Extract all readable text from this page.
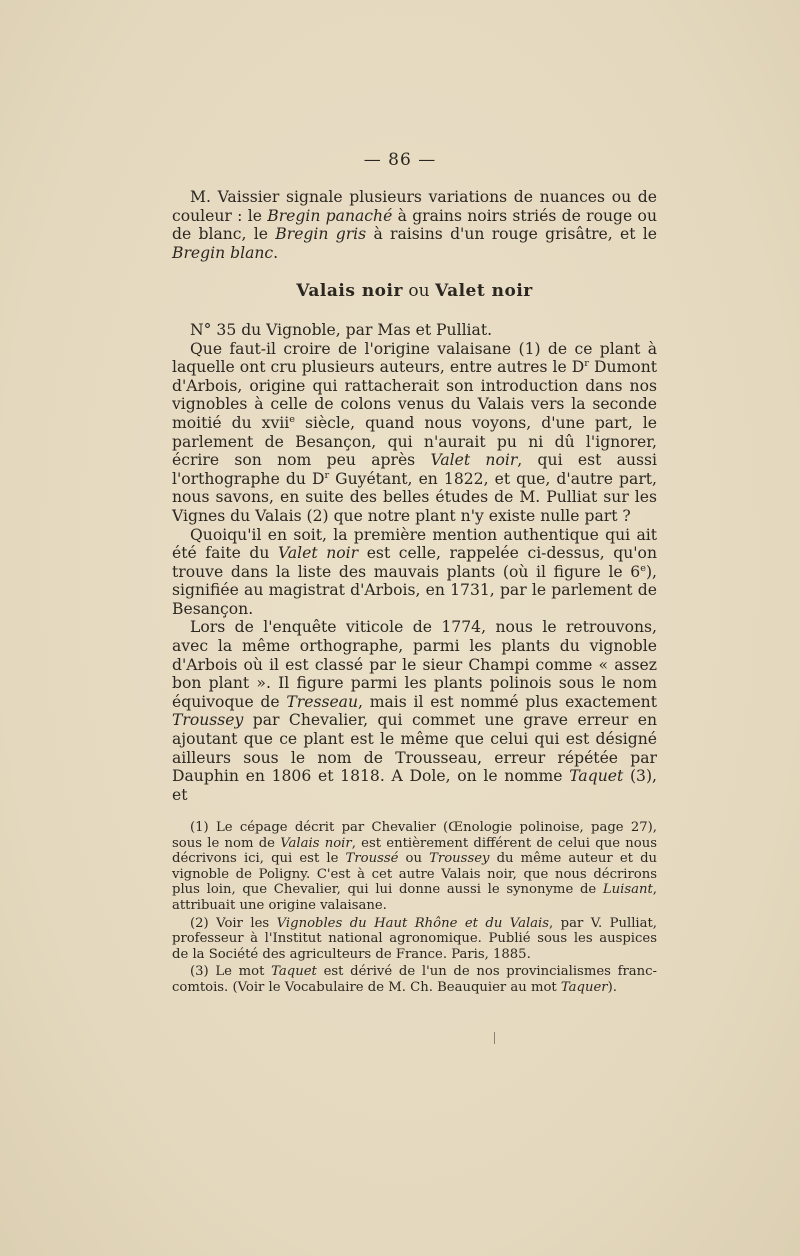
— 86 —

M. Vaissier signale plusieurs variations de nuances ou de couleur : le Bregin panaché à grains noirs striés de rouge ou de blanc, le Bregin gris à raisins d'un rouge grisâtre, et le Bregin blanc.

Valais noir ou Valet noir

N° 35 du Vignoble, par Mas et Pulliat.

Que faut-il croire de l'origine valaisane (1) de ce plant à laquelle ont cru plusieurs auteurs, entre autres le $D^r$ Dumont d'Arbois, origine qui rattacherait son introduction dans nos vignobles à celle de colons venus du Valais vers la seconde moitié du xvii$^e$ siècle, quand nous voyons, d'une part, le parlement de Besançon, qui n'aurait pu ni dû l'ignorer, écrire son nom peu après Valet noir, qui est aussi l'orthographe du $D^r$ Guyétant, en 1822, et que, d'autre part, nous savons, en suite des belles études de M. Pulliat sur les Vignes du Valais (2) que notre plant n'y existe nulle part ?

Quoiqu'il en soit, la première mention authentique qui ait été faite du Valet noir est celle, rappelée ci-dessus, qu'on trouve dans la liste des mauvais plants (où il figure le 6e), signifiée au magistrat d'Arbois, en 1731, par le parlement de Besançon.

Lors de l'enquête viticole de 1774, nous le retrouvons, avec la même orthographe, parmi les plants du vignoble d'Arbois où il est classé par le sieur Champi comme « assez bon plant ». Il figure parmi les plants polinois sous le nom équivoque de Tresseau, mais il est nommé plus exactement Troussey par Chevalier, qui commet une grave erreur en ajoutant que ce plant est le même que celui qui est désigné ailleurs sous le nom de Trousseau, erreur répétée par Dauphin en 1806 et 1818. A Dole, on le nomme Taquet (3), et

(1) Le cépage décrit par Chevalier (Œnologie polinoise, page 27), sous le nom de Valais noir, est entièrement différent de celui que nous décrivons ici, qui est le Troussé ou Troussey du même auteur et du vignoble de Poligny. C'est à cet autre Valais noir, que nous décrirons plus loin, que Chevalier, qui lui donne aussi le synonyme de Luisant, attribuait une origine valaisane.

(2) Voir les Vignobles du Haut Rhône et du Valais, par V. Pulliat, professeur à l'Institut national agronomique. Publié sous les auspices de la Société des agriculteurs de France. Paris, 1885.

(3) Le mot Taquet est dérivé de l'un de nos provincialismes franc-comtois. (Voir le Vocabulaire de M. Ch. Beauquier au mot Taquer).
